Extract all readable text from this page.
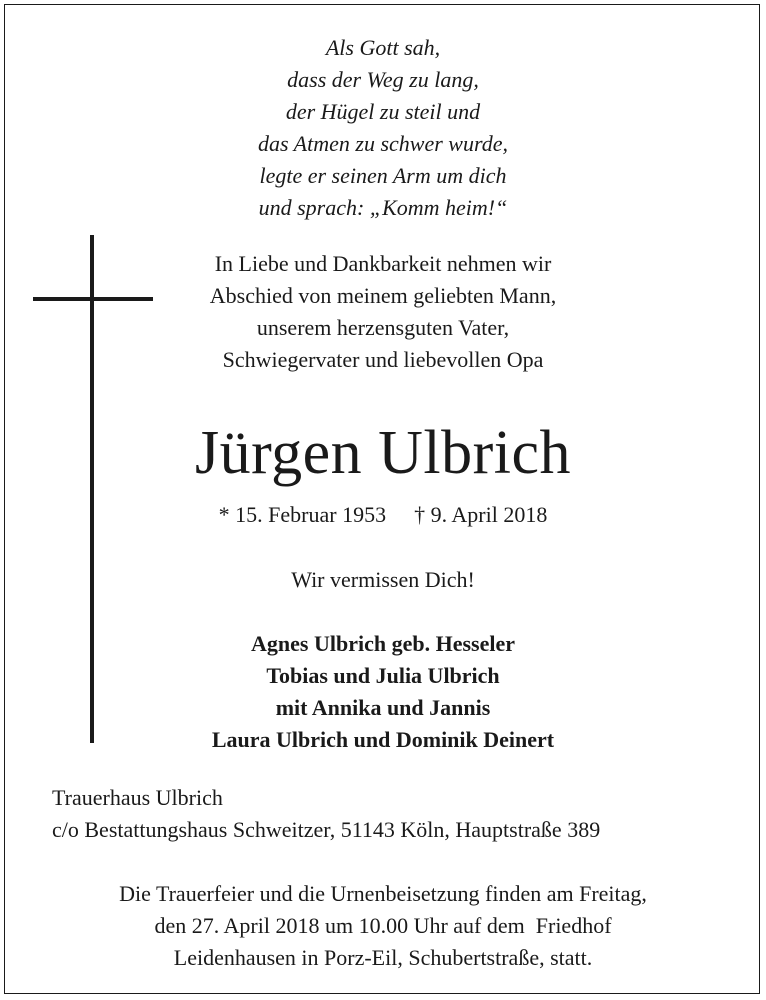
Als Gott sah,
dass der Weg zu lang,
der Hügel zu steil und
das Atmen zu schwer wurde,
legte er seinen Arm um dich
und sprach: „Komm heim!“
In Liebe und Dankbarkeit nehmen wir
Abschied von meinem geliebten Mann,
unserem herzensguten Vater,
Schwiegervater und liebevollen Opa
Jürgen Ulbrich
* 15. Februar 1953 † 9. April 2018
Wir vermissen Dich!
Agnes Ulbrich geb. Hesseler
Tobias und Julia Ulbrich
mit Annika und Jannis
Laura Ulbrich und Dominik Deinert
Trauerhaus Ulbrich
c/o Bestattungshaus Schweitzer, 51143 Köln, Hauptstraße 389
Die Trauerfeier und die Urnenbeisetzung finden am Freitag,
den 27. April 2018 um 10.00 Uhr auf dem  Friedhof
Leidenhausen in Porz-Eil, Schubertstraße, statt.
